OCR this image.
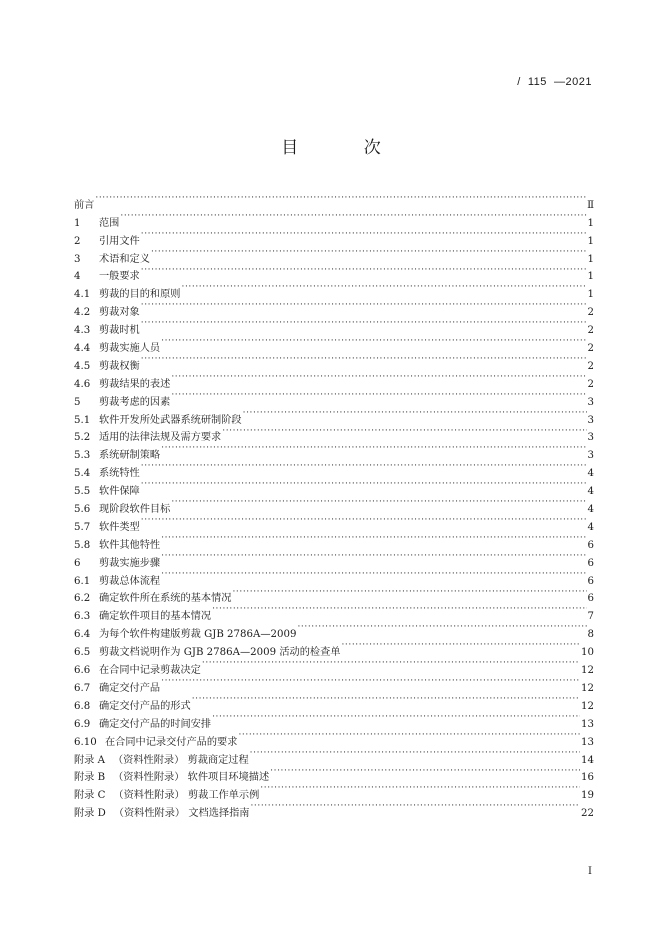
/  115  —2021
目 次
前言 ·····	Ⅱ
1	范围 ·····	1
2	引用文件 ·····	1
3	术语和定义 ·····	1
4	一般要求 ·····	1
4.1 剪裁的目的和原则 ·····	1
4.2 剪裁对象 ·····	2
4.3 剪裁时机 ·····	2
4.4 剪裁实施人员 ·····	2
4.5 剪裁权衡 ·····	2
4.6 剪裁结果的表述 ·····	2
5	剪裁考虑的因素 ·····	3
5.1 软件开发所处武器系统研制阶段 ·····	3
5.2 适用的法律法规及需方要求 ·····	3
5.3 系统研制策略 ·····	3
5.4 系统特性 ·····	4
5.5 软件保障 ·····	4
5.6 现阶段软件目标 ·····	4
5.7 软件类型 ·····	4
5.8 软件其他特性 ·····	6
6	剪裁实施步骤 ·····	6
6.1 剪裁总体流程 ·····	6
6.2 确定软件所在系统的基本情况 ·····	6
6.3 确定软件项目的基本情况 ·····	7
6.4 为每个软件构建版剪裁 GJB 2786A—2009 ·····	8
6.5 剪裁文档说明作为 GJB 2786A—2009 活动的检查单 ·····	10
6.6 在合同中记录剪裁决定 ·····	12
6.7 确定交付产品 ·····	12
6.8 确定交付产品的形式 ·····	12
6.9 确定交付产品的时间安排 ·····	13
6.10 在合同中记录交付产品的要求 ·····	13
附录 A （资料性附录） 剪裁商定过程 ·····	14
附录 B （资料性附录） 软件项目环境描述 ·····	16
附录 C （资料性附录） 剪裁工作单示例 ·····	19
附录 D （资料性附录） 文档选择指南 ·····	22
I
